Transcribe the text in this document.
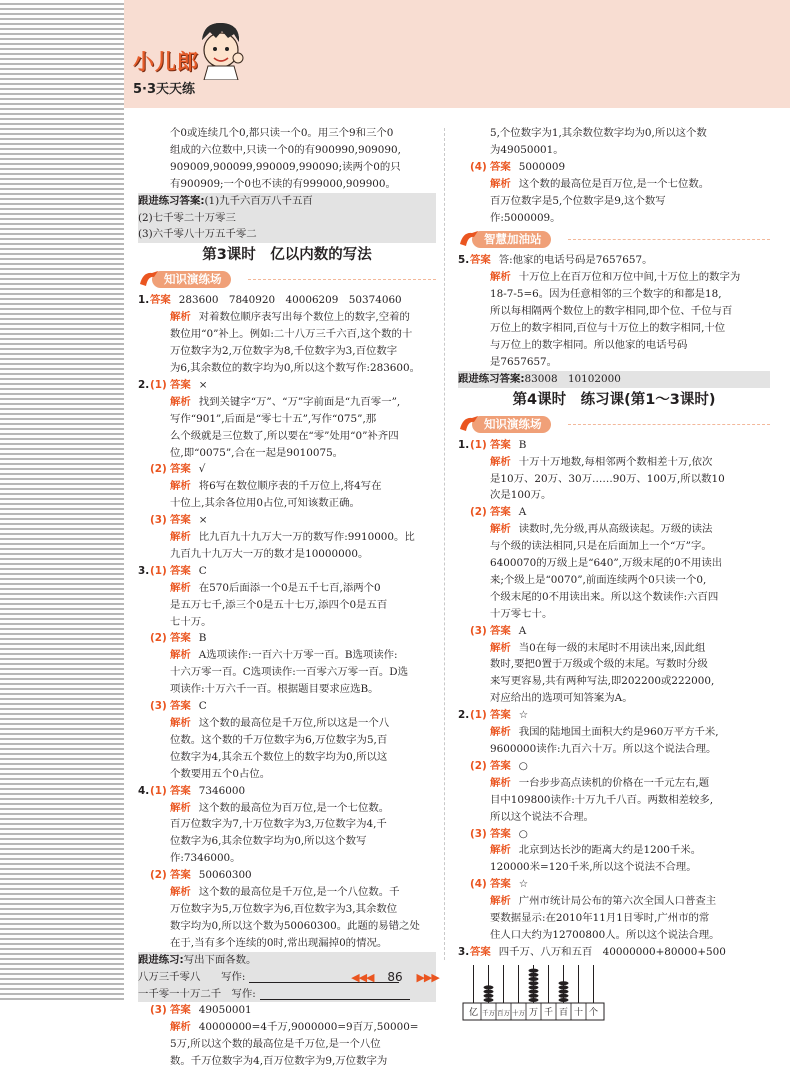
小儿郎
5·3天天练
个0或连续几个0,都只读一个0。用三个9和三个0
组成的六位数中,只读一个0的有900990,909090,
909009,900099,990009,990090;读两个0的只
有900909;一个0也不读的有999000,909900。
跟进练习答案:(1)九千六百万八千五百
(2)七千零二十万零三
(3)六千零八十万五千零二
第3课时　亿以内数的写法
知识演练场
1.答案 283600　7840920　40006209　50374060
解析 对着数位顺序表写出每个数位上的数字,空着的
数位用“0”补上。例如:二十八万三千六百,这个数的十
万位数字为2,万位数字为8,千位数字为3,百位数字
为6,其余数位的数字均为0,所以这个数写作:283600。
2.(1) 答案 ×
解析 找到关键字“万”、“万”字前面是“九百零一”,
写作“901”,后面是“零七十五”,写作“075”,那
么个级就是三位数了,所以要在“零”处用“0”补齐四
位,即“0075”,合在一起是9010075。
(2) 答案 √
解析 将6写在数位顺序表的千万位上,将4写在
十位上,其余各位用0占位,可知该数正确。
(3) 答案 ×
解析 比九百九十九万大一万的数写作:9910000。比
九百九十九万大一万的数才是10000000。
3.(1) 答案 C
解析 在570后面添一个0是五千七百,添两个0
是五万七千,添三个0是五十七万,添四个0是五百
七十万。
(2) 答案 B
解析 A选项读作:一百六十万零一百。B选项读作:
十六万零一百。C选项读作:一百零六万零一百。D选
项读作:十万六千一百。根据题目要求应选B。
(3) 答案 C
解析 这个数的最高位是千万位,所以这是一个八
位数。这个数的千万位数字为6,万位数字为5,百
位数字为4,其余五个数位上的数字均为0,所以这
个数要用五个0占位。
4.(1) 答案 7346000
解析 这个数的最高位为百万位,是一个七位数。
百万位数字为7,十万位数字为3,万位数字为4,千
位数字为6,其余位数字均为0,所以这个数写
作:7346000。
(2) 答案 50060300
解析 这个数的最高位是千万位,是一个八位数。千
万位数字为5,万位数字为6,百位数字为3,其余数位
数字均为0,所以这个数为50060300。此题的易错之处
在于,当有多个连续的0时,常出现漏掉0的情况。
跟进练习:写出下面各数。
八万三千零八　　写作:
一千零一十万二千　写作:
(3) 答案 49050001
解析 40000000=4千万,9000000=9百万,50000=
5万,所以这个数的最高位是千万位,是一个八位
数。千万位数字为4,百万位数字为9,万位数字为
5,个位数字为1,其余数位数字均为0,所以这个数
为49050001。
(4) 答案 5000009
解析 这个数的最高位是百万位,是一个七位数。
百万位数字是5,个位数字是9,这个数写
作:5000009。
智慧加油站
5.答案 答:他家的电话号码是7657657。
解析 十万位上在百万位和万位中间,十万位上的数字为
18-7-5=6。因为任意相邻的三个数字的和都是18,
所以每相隔两个数位上的数字相同,即个位、千位与百
万位上的数字相同,百位与十万位上的数字相同,十位
与万位上的数字相同。所以他家的电话号码
是7657657。
跟进练习答案:83008　10102000
第4课时　练习课(第1～3课时)
知识演练场
1.(1) 答案 B
解析 十万十万地数,每相邻两个数相差十万,依次
是10万、20万、30万……90万、100万,所以数10
次是100万。
(2) 答案 A
解析 读数时,先分级,再从高级读起。万级的读法
与个级的读法相同,只是在后面加上一个“万”字。
6400070的万级上是“640”,万级末尾的0不用读出
来;个级上是“0070”,前面连续两个0只读一个0,
个级末尾的0不用读出来。所以这个数读作:六百四
十万零七十。
(3) 答案 A
解析 当0在每一级的末尾时不用读出来,因此组
数时,要把0置于万级或个级的末尾。写数时分级
来写更容易,共有两种写法,即202200或222000,
对应给出的选项可知答案为A。
2.(1) 答案 ☆
解析 我国的陆地国土面积大约是960万平方千米,
9600000读作:九百六十万。所以这个说法合理。
(2) 答案 ○
解析 一台步步高点读机的价格在一千元左右,题
目中109800读作:十万九千八百。两数相差较多,
所以这个说法不合理。
(3) 答案 ○
解析 北京到达长沙的距离大约是1200千米。
120000米=120千米,所以这个说法不合理。
(4) 答案 ☆
解析 广州市统计局公布的第六次全国人口普查主
要数据显示:在2010年11月1日零时,广州市的常
住人口大约为12700800人。所以这个说法合理。
3.答案 四千万、八万和五百　40000000+80000+500
亿 千万 百万 十万 万 千 百 十 个
◀◀◀ 86 ▶▶▶
